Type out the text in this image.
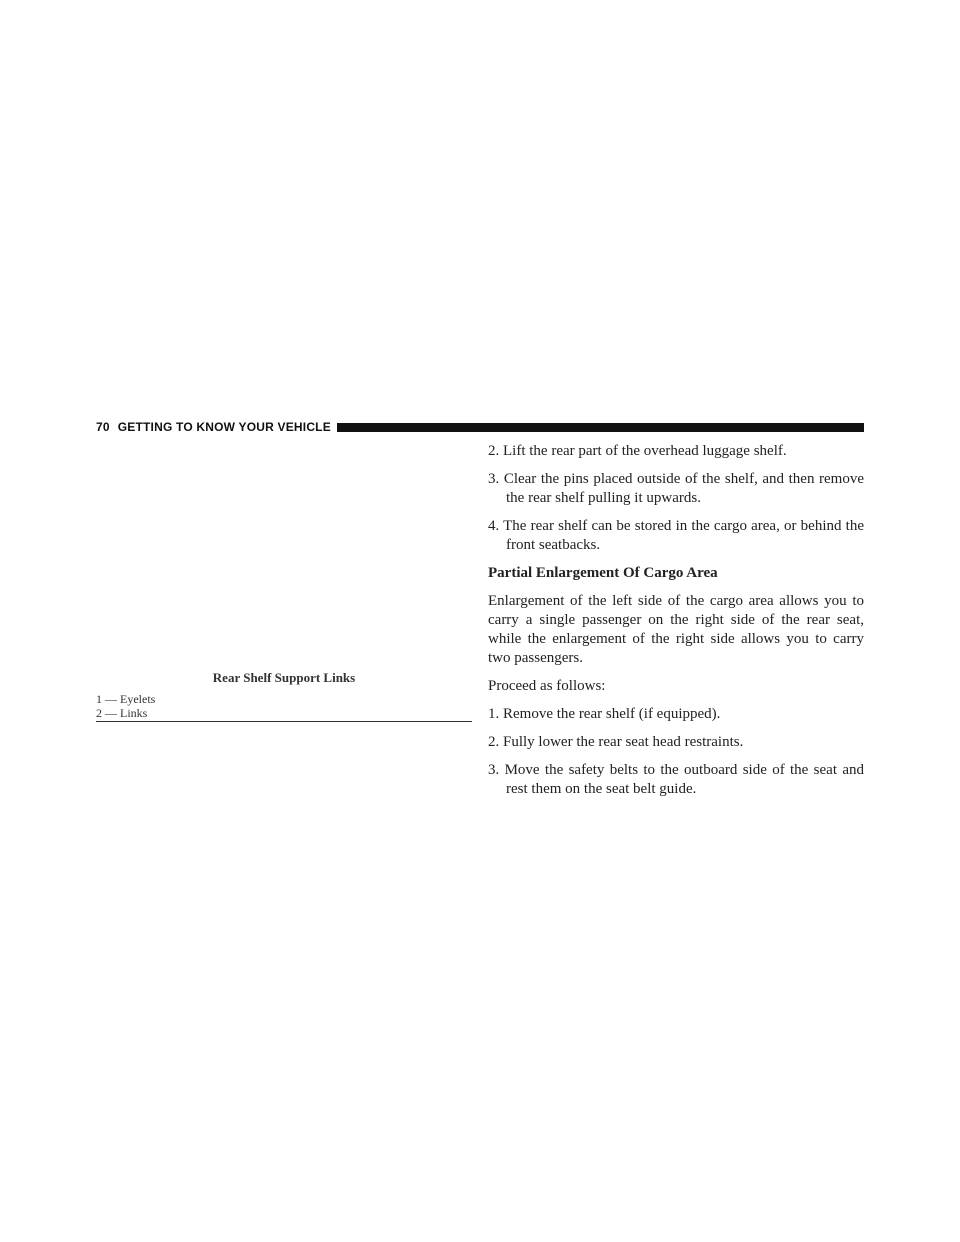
70 GETTING TO KNOW YOUR VEHICLE
Rear Shelf Support Links
1 — Eyelets
2 — Links

2. Lift the rear part of the overhead luggage shelf.

3. Clear the pins placed outside of the shelf, and then remove the rear shelf pulling it upwards.

4. The rear shelf can be stored in the cargo area, or behind the front seatbacks.

Partial Enlargement Of Cargo Area

Enlargement of the left side of the cargo area allows you to carry a single passenger on the right side of the rear seat, while the enlargement of the right side allows you to carry two passengers.

Proceed as follows:

1. Remove the rear shelf (if equipped).

2. Fully lower the rear seat head restraints.

3. Move the safety belts to the outboard side of the seat and rest them on the seat belt guide.
